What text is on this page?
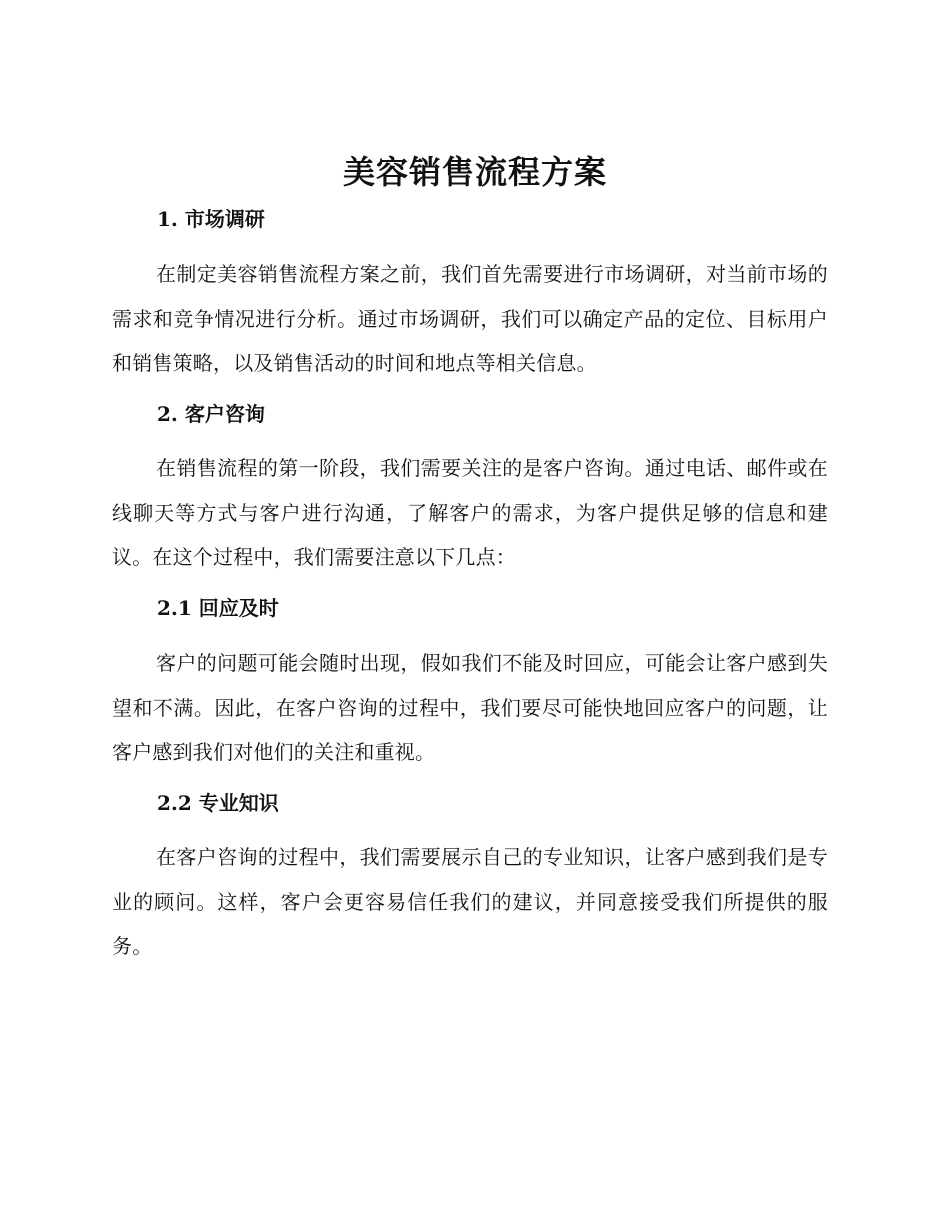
美容销售流程方案
1. 市场调研

在制定美容销售流程方案之前，我们首先需要进行市场调研，对当前市场的需求和竞争情况进行分析。通过市场调研，我们可以确定产品的定位、目标用户和销售策略，以及销售活动的时间和地点等相关信息。

2. 客户咨询

在销售流程的第一阶段，我们需要关注的是客户咨询。通过电话、邮件或在线聊天等方式与客户进行沟通，了解客户的需求，为客户提供足够的信息和建议。在这个过程中，我们需要注意以下几点：

2.1 回应及时

客户的问题可能会随时出现，假如我们不能及时回应，可能会让客户感到失望和不满。因此，在客户咨询的过程中，我们要尽可能快地回应客户的问题，让客户感到我们对他们的关注和重视。

2.2 专业知识

在客户咨询的过程中，我们需要展示自己的专业知识，让客户感到我们是专业的顾问。这样，客户会更容易信任我们的建议，并同意接受我们所提供的服务。
